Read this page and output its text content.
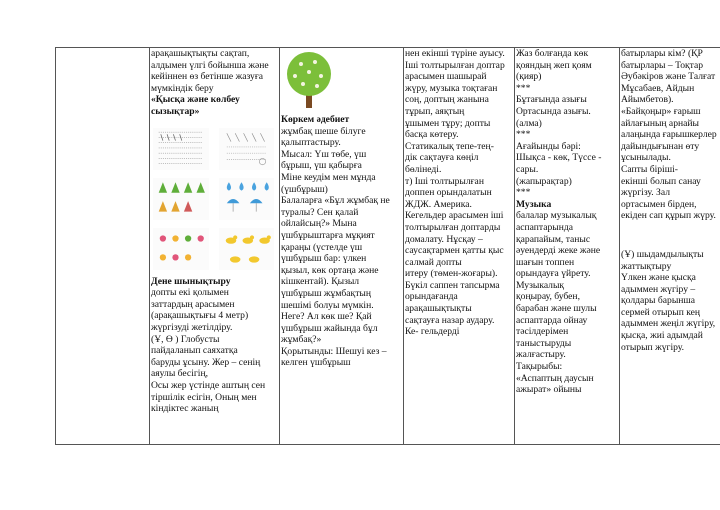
арақашықтықты сақтап,
алдымен үлгі бойынша және
кейіннен өз бетінше жазуға
мүмкіндік беру
«Қысқа және көлбеу сызықтар»
Дене шынықтыру
допты екі қолымен
заттардың арасымен
(арақашықтығы 4 метр)
жүргізуді жетілдіру.
(Ұ, Ө ) Глобусты
пайдаланып саяхатқа
баруды ұсыну. Жер – сенің
аяулы бесігің,
Осы жер үстінде аштың сен
тіршілік есігін, Оның мен
кіндіктес жаның

Көркем әдебиет
жұмбақ шеше білуге
қалыптастыру.
Мысал: Үш төбе, үш
бұрыш, үш қабырға
Міне кеудім мен мұнда
(үшбұрыш)
Балаларға «Бұл жұмбақ не
туралы? Сен қалай
ойлайсың?» Мына
үшбұрыштарға мұқият
қараңы (үстелде үш
үшбұрыш бар: үлкен
қызыл, көк ортаңа және
кішкентай). Қызыл
үшбұрыш жұмбақтың
шешімі болуы мүмкін.
Неге? Ал көк ше? Қай
үшбұрыш жайында бұл
жұмбақ?»
Қорытынды: Шешуі кез –
келген үшбұрыш

нен екінші түріне ауысу.
Ішi толтырылған доптар
арасымен шашырай
жүру, музыка тоқтаған
соң, доптың жанына
тұрып, аяқтың
ұшымен тұру; допты
басқа көтеру.
Статикалық тепе-тең-
дік сақтауға көңіл
бөлінеді.
т) Ішi толтырылған
доппен орындалатын
ЖДЖ. Америка.
Кегельдер арасымен ішi
толтырылған доптарды
домалату. Нұсқау –
саусақтармен қатты қыс
салмай допты
итеру (төмен-жоғары).
Бүкіл саппен тапсырма
орындағанда
арақашықтықты
сақтауға назар аудару.
Ке- гельдерді

Жаз болғанда көк
қояндың жеп қоям
(қияр)
***
Бұтағында азығы
Ортасында азығы.
(алма)
***
Ағайынды бәрі:
Шықса - көк, Түссе -
сары.
(жапырақтар)
***
Музыка
балалар музыкалық
аспаптарында
қарапайым, таныс
әуендерді жеке және
шағын топпен
орындауға үйрету.
Музыкалық
қоңырау, бубен,
барабан және шулы
аспаптарда ойнау
тәсілдерімен
таныстыруды
жалғастыру.
Тақырыбы:
«Аспаптың даусын
ажырат» ойыны

батырлары кім? (ҚР
батырлары – Тоқтар
Әубәкіров және Талғат
Мұсабаев, Айдын
Айымбетов).
«Байқоңыр» ғарыш
айлағының арнайы
алаңында ғарышкерлер
дайындығынан өту
ұсынылады.
Сапты біріші-
екіншi болып санау
жүргізу. Зал
ортасымен бірден,
екіден сап құрып жүру.
(Ұ) шыдамдылықты
жаттықтыру
Үлкен және қысқа
адыммен жүгіру –
қолдары барынша
сермей отырып кең
адыммен жеңіл жүгіру,
қысқа, жиі адымдай
отырып жүгіру.
